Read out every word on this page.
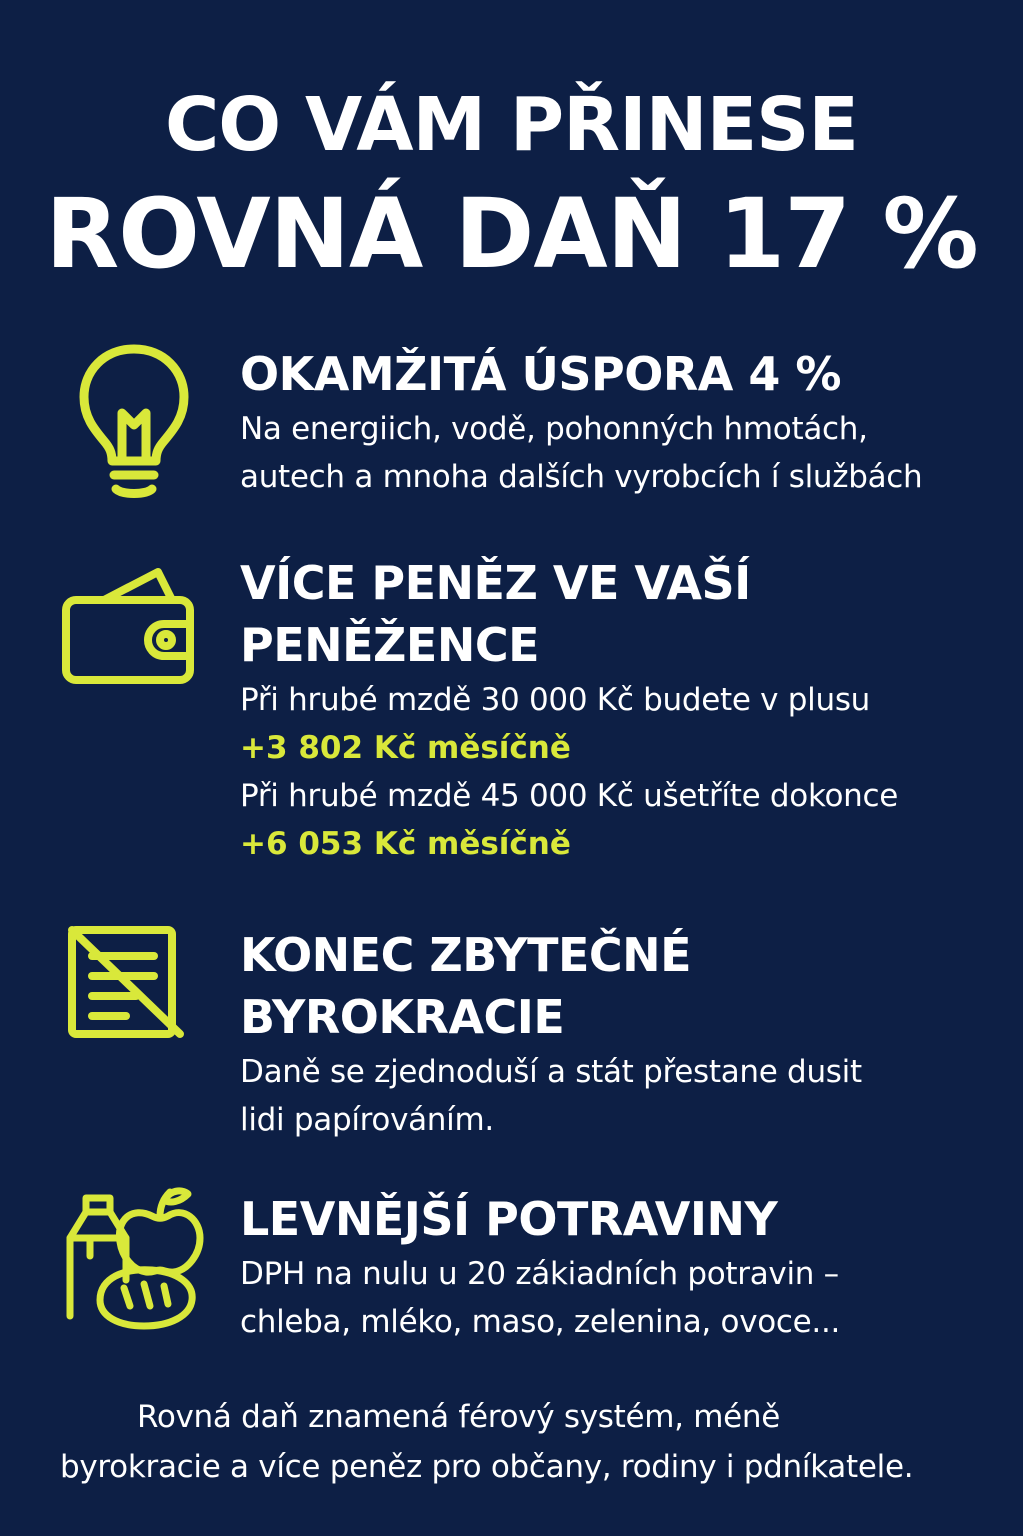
CO VÁM PŘINESE
ROVNÁ DAŇ 17 %
OKAMŽITÁ ÚSPORA 4 %
Na energiich, vodě, pohonných hmotách,
autech a mnoha dalších vyrobcích í službách
VÍCE PENĚZ VE VAŠÍ
PENĚŽENCE
Při hrubé mzdě 30 000 Kč budete v plusu
+3 802 Kč měsíčně
Při hrubé mzdě 45 000 Kč ušetříte dokonce
+6 053 Kč měsíčně
KONEC ZBYTEČNÉ
BYROKRACIE
Daně se zjednoduší a stát přestane dusit
lidi papírováním.
LEVNĚJŠÍ POTRAVINY
DPH na nulu u 20 zákiadních potravin –
chleba, mléko, maso, zelenina, ovoce...
Rovná daň znamená férový systém, méně
byrokracie a více peněz pro občany, rodiny i pdníkatele.
